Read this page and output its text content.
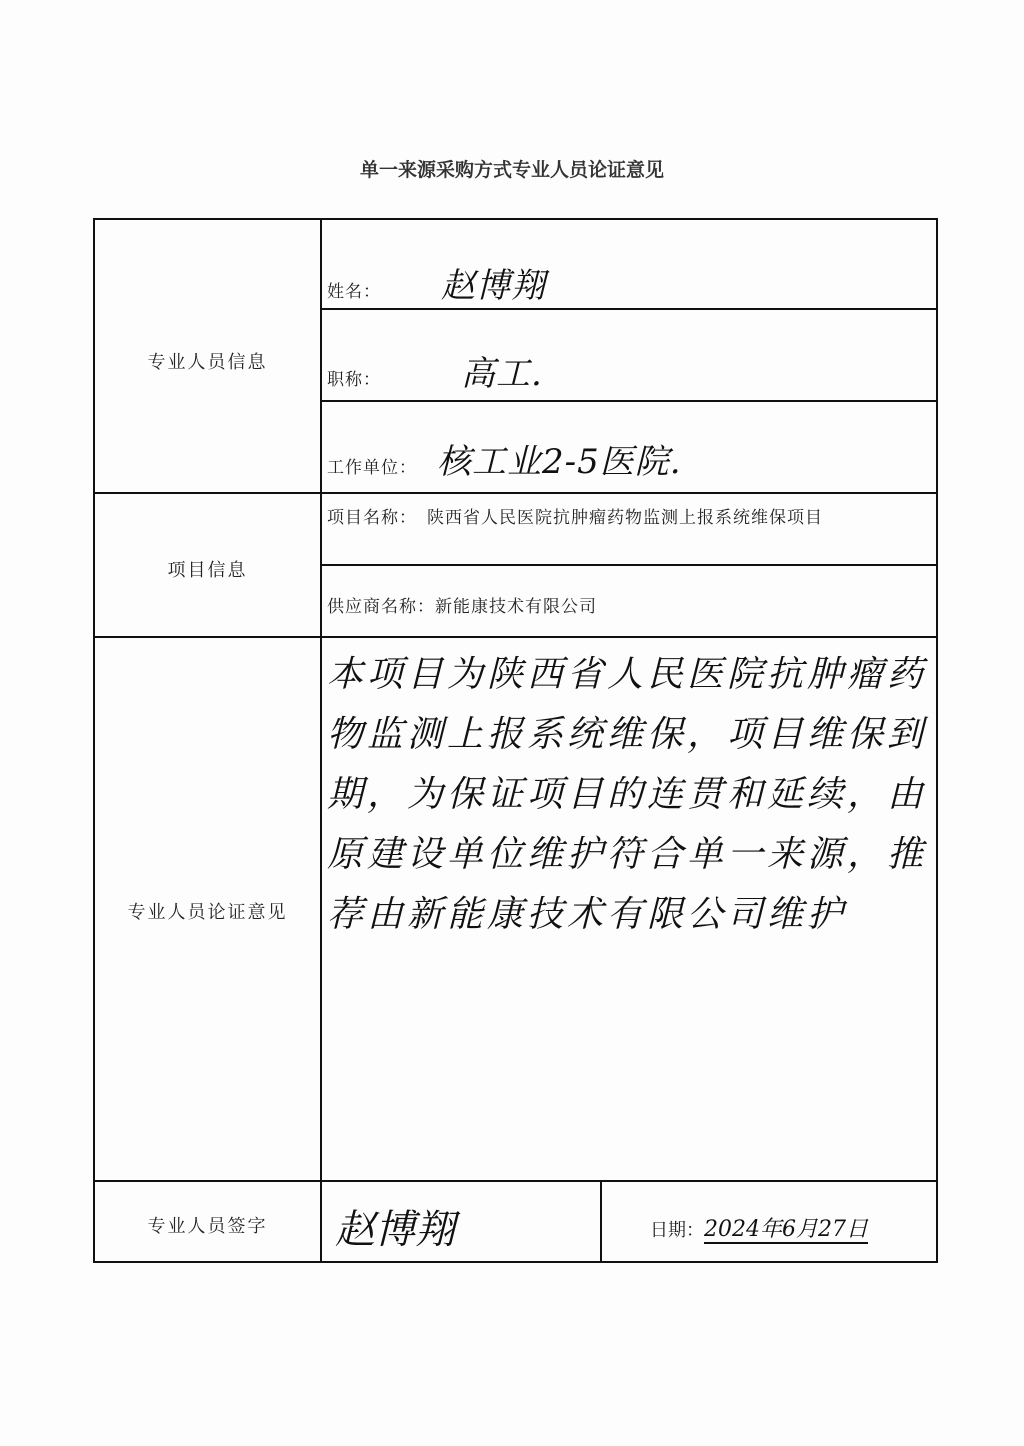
单一来源采购方式专业人员论证意见
专业人员信息
项目信息
专业人员论证意见
专业人员签字
姓名： 赵博翔
职称： 高工.
工作单位： 核工业2-5医院.
项目名称： 陕西省人民医院抗肿瘤药物监测上报系统维保项目
供应商名称：新能康技术有限公司
本项目为陕西省人民医院抗肿瘤药物监测上报系统维保，项目维保到期，为保证项目的连贯和延续，由原建设单位维护符合单一来源，推荐由新能康技术有限公司维护
赵博翔	日期：2024年6月27日
